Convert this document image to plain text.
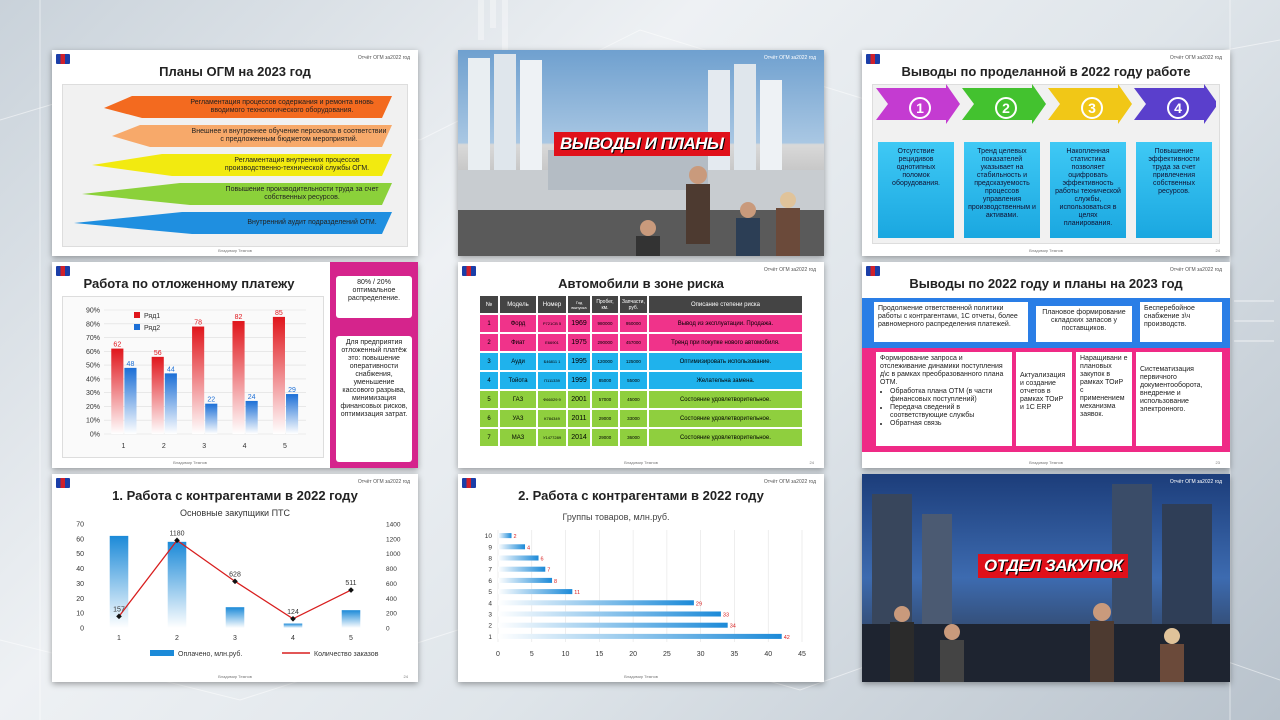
Отчёт ОГМ за2022 год
Планы ОГМ на 2023 год
Регламентация процессов содержания и ремонта вновь вводимого технологического оборудования.
Внешнее и внутреннее обучение персонала в соответствии с предложенным бюджетом мероприятий.
Регламентация внутренних процессов производственно-технической службы ОГМ.
Повышение производительности труда за счет собственных ресурсов.
Внутренний аудит подразделений ОГМ.
Владимир Темнов
Отчёт ОГМ за2022 год
ВЫВОДЫ И ПЛАНЫ
Отчёт ОГМ за2022 год
Выводы по проделанной в 2022 году работе
1	2	3	4
Отсутствие рецидивов однотипных поломок оборудования.
Тренд целевых показателей указывает на стабильность и предсказуемость процессов управления производственным и активами.
Накопленная статистика позволяет оцифровать эффективность работы технической службы, использоваться в целях планирования.
Повышение эффективности труда за счет привлечения собственных ресурсов.
Владимир Темнов	24
Работа по отложенному платежу
0%
10%
20%
30%
40%
50%
60%
70%
80%
90%
62
48
1
56
44
2
78
22
3
82
24
4
85
29
5
Ряд1
Ряд2
80% / 20% оптимальное распределение.
Для предприятия отложенный платёж это: повышение оперативности снабжения, уменьшение кассового разрыва, минимизация финансовых рисков, оптимизация затрат.
Владимир Темнов
Отчёт ОГМ за2022 год
Автомобили в зоне риска
№	Модель	Номер	Год выпуска	Пробег, км.	Запчасти, руб.	Описание степени риска
1	Форд	Р721СВ 5	1969	980000	950000	Вывод из эксплуатации. Продажа.
2	Фиат	Е66901	1975	290000	457000	Тренд при покупке нового автомобиля.
3	Ауди	Б46811 1	1995	120000	125000	Оптимизировать использование.
4	Тойота	П111339	1999	85000	55000	Желательна замена.
5	ГАЗ	Ф66029 9	2001	57000	45000	Состояние удовлетворительное.
6	УАЗ	К784349	2011	29000	33000	Состояние удовлетворительное.
7	МАЗ	У1477289	2014	29000	36000	Состояние удовлетворительное.
Владимир Темнов	24
Отчёт ОГМ за2022 год
Выводы по 2022 году и планы на 2023 год
Продолжение ответственной политики работы с контрагентами, 1С отчеты, более равномерного распределения платежей.
Плановое формирование складских запасов у поставщиков.
Бесперебойное снабжение з\ч производств.
Формирование запроса и отслеживание динамики поступления д\с в рамках преобразованного плана ОТМ.
• Обработка плана ОТМ (в части финансовых поступлений)
• Передача сведений в соответствующие службы
• Обратная связь
Актуализация и создание отчетов в рамках ТОиР и 1С ERP
Наращивани е плановых закупок в рамках ТОиР с применением механизма заявок.
Систематизация первичного документооборота, внедрение и использование электронного.
Владимир Темнов	23
Отчёт ОГМ за2022 год
1. Работа с контрагентами в 2022 году
Основные закупщики ПТС
0
10
20
30
40
50
60
70
0
200
400
600
800
1000
1200
1400
1	2	3	4	5
157
1180
628
124
511
Оплачено, млн.руб.	Количество заказов
Владимир Темнов	24
Отчёт ОГМ за2022 год
2. Работа с контрагентами в 2022 году
Группы товаров, млн.руб.
0	5	10	15	20	25	30	35	40	45
42
1
34
2
33
3
29
4
11
5
8
6
7
7
6
8
4
9
2
10
Владимир Темнов
Отчёт ОГМ за2022 год
ОТДЕЛ ЗАКУПОК
